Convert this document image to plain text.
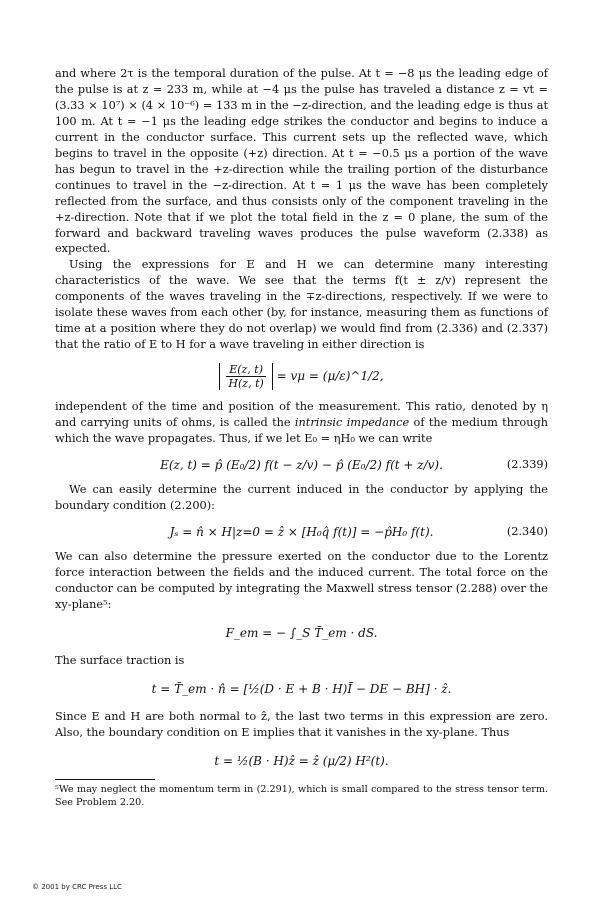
and where 2τ is the temporal duration of the pulse. At t = −8 μs the leading edge of the pulse is at z = 233 m, while at −4 μs the pulse has traveled a distance z = vt = (3.33 × 10⁷) × (4 × 10⁻⁶) = 133 m in the −z-direction, and the leading edge is thus at 100 m. At t = −1 μs the leading edge strikes the conductor and begins to induce a current in the conductor surface. This current sets up the reflected wave, which begins to travel in the opposite (+z) direction. At t = −0.5 μs a portion of the wave has begun to travel in the +z-direction while the trailing portion of the disturbance continues to travel in the −z-direction. At t = 1 μs the wave has been completely reflected from the surface, and thus consists only of the component traveling in the +z-direction. Note that if we plot the total field in the z = 0 plane, the sum of the forward and backward traveling waves produces the pulse waveform (2.338) as expected.

Using the expressions for E and H we can determine many interesting characteristics of the wave. We see that the terms f(t ± z/v) represent the components of the waves traveling in the ∓z-directions, respectively. If we were to isolate these waves from each other (by, for instance, measuring them as functions of time at a position where they do not overlap) we would find from (2.336) and (2.337) that the ratio of E to H for a wave traveling in either direction is

$\frac{E(z, t)}{H(z, t)} = v\mu$ = (μ/ε)^1/2,

independent of the time and position of the measurement. This ratio, denoted by η and carrying units of ohms, is called the intrinsic impedance of the medium through which the wave propagates. Thus, if we let E₀ = ηH₀ we can write

E(z, t) = p̂ (E₀/2) f(t − z/v) − p̂ (E₀/2) f(t + z/v).	(2.339)

We can easily determine the current induced in the conductor by applying the boundary condition (2.200):

Jₛ = n̂ × H|z=0 = ẑ × [H₀q̂ f(t)] = −p̂H₀ f(t).	(2.340)

We can also determine the pressure exerted on the conductor due to the Lorentz force interaction between the fields and the induced current. The total force on the conductor can be computed by integrating the Maxwell stress tensor (2.288) over the xy-plane⁵:

F_em = − ∫_S T̄_em · dS.

The surface traction is

t = T̄_em · n̂ = [½(D · E + B · H)Ī − DE − BH] · ẑ.

Since E and H are both normal to ẑ, the last two terms in this expression are zero. Also, the boundary condition on E implies that it vanishes in the xy-plane. Thus

t = ½(B · H)ẑ = ẑ (μ/2) H²(t).

⁵We may neglect the momentum term in (2.291), which is small compared to the stress tensor term. See Problem 2.20.

© 2001 by CRC Press LLC
